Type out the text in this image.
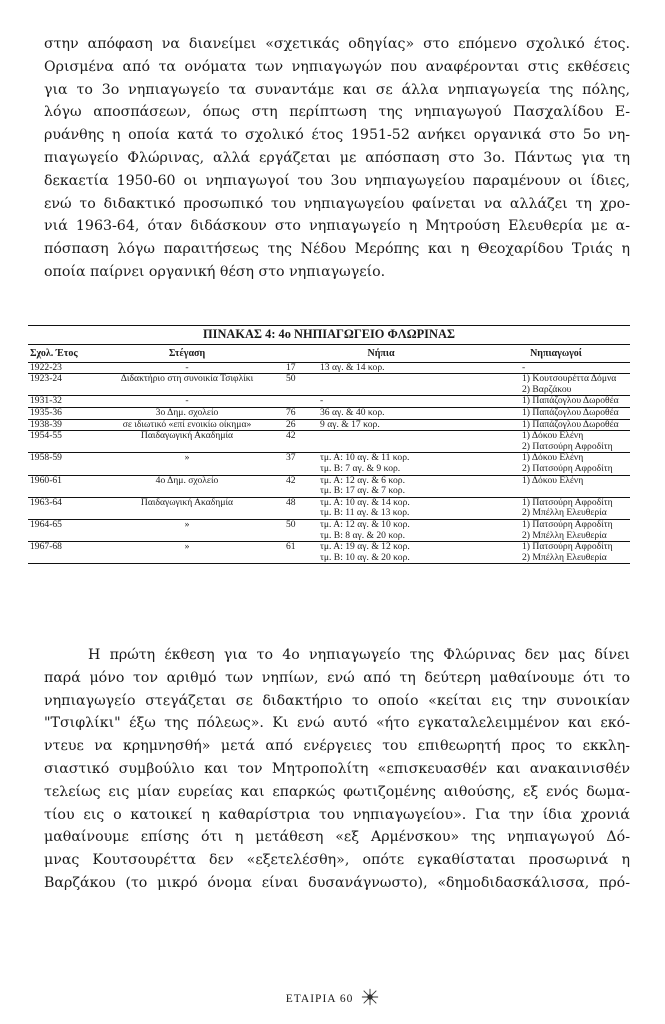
στην απόφαση να διανείμει «σχετικάς οδηγίας» στο επόμενο σχολικό έτος.
Ορισμένα από τα ονόματα των νηπιαγωγών που αναφέρονται στις εκθέσεις
για το 3ο νηπιαγωγείο τα συναντάμε και σε άλλα νηπιαγωγεία της πόλης,
λόγω αποσπάσεων, όπως στη περίπτωση της νηπιαγωγού Πασχαλίδου Ε-
ρυάνθης η οποία κατά το σχολικό έτος 1951-52 ανήκει οργανικά στο 5ο νη-
πιαγωγείο Φλώρινας, αλλά εργάζεται με απόσπαση στο 3ο. Πάντως για τη
δεκαετία 1950-60 οι νηπιαγωγοί του 3ου νηπιαγωγείου παραμένουν οι ίδιες,
ενώ το διδακτικό προσωπικό του νηπιαγωγείου φαίνεται να αλλάζει τη χρο-
νιά 1963-64, όταν διδάσκουν στο νηπιαγωγείο η Μητρούση Ελευθερία με α-
πόσπαση λόγω παραιτήσεως της Νέδου Μερόπης και η Θεοχαρίδου Τριάς η
οποία παίρνει οργανική θέση στο νηπιαγωγείο.
ΠΙΝΑΚΑΣ 4: 4ο ΝΗΠΙΑΓΩΓΕΙΟ ΦΛΩΡΙΝΑΣ
Σχολ. Έτος	Στέγαση	Νήπια		Νηπιαγωγοί
1922-23	-	17	13 αγ. & 14 κορ.	-
1923-24	Διδακτήριο στη συνοικία Τσιφλίκι	50		1) Κουτσουρέττα Δόμνα
				2) Βαρζάκου
1931-32	-		-	1) Παπάζογλου Δωροθέα
1935-36	3ο Δημ. σχολείο	76	36 αγ. & 40 κορ.	1) Παπάζογλου Δωροθέα
1938-39	σε ιδιωτικό «επί ενοικίω οίκημα»	26	9 αγ. & 17 κορ.	1) Παπάζογλου Δωροθέα
1954-55	Παιδαγωγική Ακαδημία	42		1) Δόκου Ελένη
				2) Πατσούρη Αφροδίτη
1958-59	»	37	τμ. Α: 10 αγ. & 11 κορ.	1) Δόκου Ελένη
			τμ. Β: 7 αγ. & 9 κορ.	2) Πατσούρη Αφροδίτη
1960-61	4ο Δημ. σχολείο	42	τμ. Α: 12 αγ. & 6 κορ.	1) Δόκου Ελένη
			τμ. Β: 17 αγ. & 7 κορ.	
1963-64	Παιδαγωγική Ακαδημία	48	τμ. Α: 10 αγ. & 14 κορ.	1) Πατσούρη Αφροδίτη
			τμ. Β: 11 αγ. & 13 κορ.	2) Μπέλλη Ελευθερία
1964-65	»	50	τμ. Α: 12 αγ. & 10 κορ.	1) Πατσούρη Αφροδίτη
			τμ. Β: 8 αγ. & 20 κορ.	2) Μπέλλη Ελευθερία
1967-68	»	61	τμ. Α: 19 αγ. & 12 κορ.	1) Πατσούρη Αφροδίτη
			τμ. Β: 10 αγ. & 20 κορ.	2) Μπέλλη Ελευθερία
Η πρώτη έκθεση για το 4ο νηπιαγωγείο της Φλώρινας δεν μας δίνει
παρά μόνο τον αριθμό των νηπίων, ενώ από τη δεύτερη μαθαίνουμε ότι το
νηπιαγωγείο στεγάζεται σε διδακτήριο το οποίο «κείται εις την συνοικίαν
"Τσιφλίκι" έξω της πόλεως». Κι ενώ αυτό «ήτο εγκαταλελειμμένον και εκό-
ντευε να κρημνησθή» μετά από ενέργειες του επιθεωρητή προς το εκκλη-
σιαστικό συμβούλιο και τον Μητροπολίτη «επισκευασθέν και ανακαινισθέν
τελείως εις μίαν ευρείας και επαρκώς φωτιζομένης αιθούσης, εξ ενός δωμα-
τίου εις ο κατοικεί η καθαρίστρια του νηπιαγωγείου». Για την ίδια χρονιά
μαθαίνουμε επίσης ότι η μετάθεση «εξ Αρμένσκου» της νηπιαγωγού Δό-
μνας Κουτσουρέττα δεν «εξετελέσθη», οπότε εγκαθίσταται προσωρινά η
Βαρζάκου (το μικρό όνομα είναι δυσανάγνωστο), «δημοδιδασκάλισσα, πρό-
ΕΤΑΙΡΙΑ 60
